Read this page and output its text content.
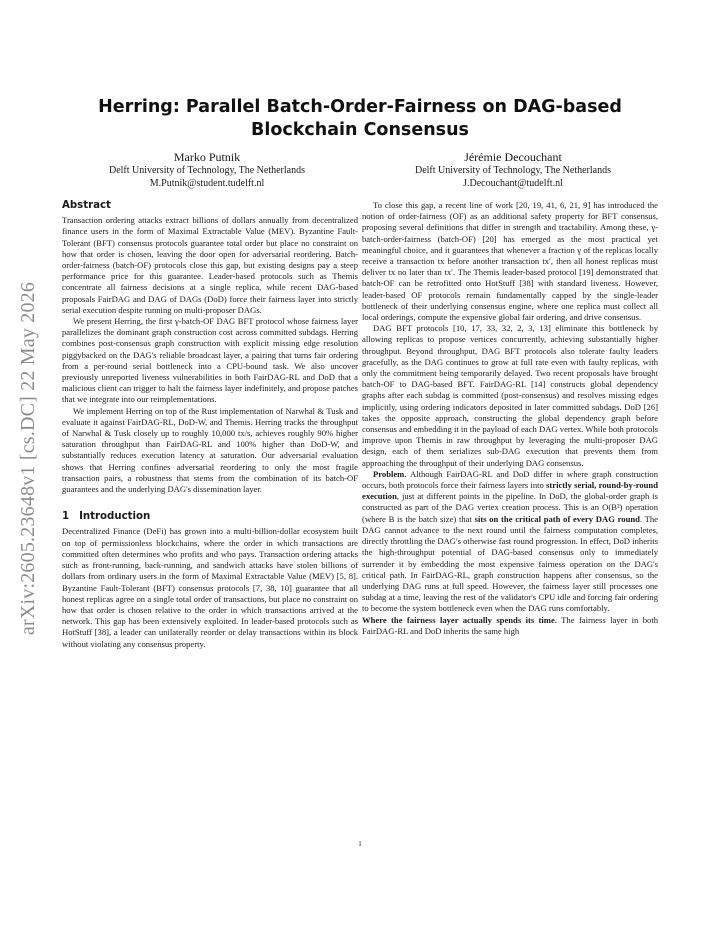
arXiv:2605.23648v1 [cs.DC] 22 May 2026
Herring: Parallel Batch-Order-Fairness on DAG-based Blockchain Consensus
Marko Putnik
Delft University of Technology, The Netherlands
M.Putnik@student.tudelft.nl
Jérémie Decouchant
Delft University of Technology, The Netherlands
J.Decouchant@tudelft.nl
Abstract

Transaction ordering attacks extract billions of dollars annually from decentralized finance users in the form of Maximal Extractable Value (MEV). Byzantine Fault-Tolerant (BFT) consensus protocols guarantee total order but place no constraint on how that order is chosen, leaving the door open for adversarial reordering. Batch-order-fairness (batch-OF) protocols close this gap, but existing designs pay a steep performance price for this guarantee. Leader-based protocols such as Themis concentrate all fairness decisions at a single replica, while recent DAG-based proposals FairDAG and DAG of DAGs (DoD) force their fairness layer into strictly serial execution despite running on multi-proposer DAGs.

We present Herring, the first γ-batch-OF DAG BFT protocol whose fairness layer parallelizes the dominant graph construction cost across committed subdags. Herring combines post-consensus graph construction with explicit missing edge resolution piggybacked on the DAG's reliable broadcast layer, a pairing that turns fair ordering from a per-round serial bottleneck into a CPU-bound task. We also uncover previously unreported liveness vulnerabilities in both FairDAG-RL and DoD that a malicious client can trigger to halt the fairness layer indefinitely, and propose patches that we integrate into our reimplementations.

We implement Herring on top of the Rust implementation of Narwhal & Tusk and evaluate it against FairDAG-RL, DoD-W, and Themis. Herring tracks the throughput of Narwhal & Tusk closely up to roughly 10,000 tx/s, achieves roughly 90% higher saturation throughput than FairDAG-RL and 100% higher than DoD-W, and substantially reduces execution latency at saturation. Our adversarial evaluation shows that Herring confines adversarial reordering to only the most fragile transaction pairs, a robustness that stems from the combination of its batch-OF guarantees and the underlying DAG's dissemination layer.

1 Introduction

Decentralized Finance (DeFi) has grown into a multi-billion-dollar ecosystem built on top of permissionless blockchains, where the order in which transactions are committed often determines who profits and who pays. Transaction ordering attacks such as front-running, back-running, and sandwich attacks have stolen billions of dollars from ordinary users in the form of Maximal Extractable Value (MEV) [5, 8]. Byzantine Fault-Tolerant (BFT) consensus protocols [7, 38, 10] guarantee that all honest replicas agree on a single total order of transactions, but place no constraint on how that order is chosen relative to the order in which transactions arrived at the network. This gap has been extensively exploited. In leader-based protocols such as HotStuff [38], a leader can unilaterally reorder or delay transactions within its block without violating any consensus property.

To close this gap, a recent line of work [20, 19, 41, 6, 21, 9] has introduced the notion of order-fairness (OF) as an additional safety property for BFT consensus, proposing several definitions that differ in strength and tractability. Among these, γ-batch-order-fairness (batch-OF) [20] has emerged as the most practical yet meaningful choice, and it guarantees that whenever a fraction γ of the replicas locally receive a transaction tx before another transaction tx′, then all honest replicas must deliver tx no later than tx′. The Themis leader-based protocol [19] demonstrated that batch-OF can be retrofitted onto HotStuff [38] with standard liveness. However, leader-based OF protocols remain fundamentally capped by the single-leader bottleneck of their underlying consensus engine, where one replica must collect all local orderings, compute the expensive global fair ordering, and drive consensus.

DAG BFT protocols [10, 17, 33, 32, 2, 3, 13] eliminate this bottleneck by allowing replicas to propose vertices concurrently, achieving substantially higher throughput. Beyond throughput, DAG BFT protocols also tolerate faulty leaders gracefully, as the DAG continues to grow at full rate even with faulty replicas, with only the commitment being temporarily delayed. Two recent proposals have brought batch-OF to DAG-based BFT. FairDAG-RL [14] constructs global dependency graphs after each subdag is committed (post-consensus) and resolves missing edges implicitly, using ordering indicators deposited in later committed subdags. DoD [26] takes the opposite approach, constructing the global dependency graph before consensus and embedding it in the payload of each DAG vertex. While both protocols improve upon Themis in raw throughput by leveraging the multi-proposer DAG design, each of them serializes sub-DAG execution that prevents them from approaching the throughput of their underlying DAG consensus.

Problem. Although FairDAG-RL and DoD differ in where graph construction occurs, both protocols force their fairness layers into strictly serial, round-by-round execution, just at different points in the pipeline. In DoD, the global-order graph is constructed as part of the DAG vertex creation process. This is an O(B²) operation (where B is the batch size) that sits on the critical path of every DAG round. The DAG cannot advance to the next round until the fairness computation completes, directly throttling the DAG's otherwise fast round progression. In effect, DoD inherits the high-throughput potential of DAG-based consensus only to immediately surrender it by embedding the most expensive fairness operation on the DAG's critical path. In FairDAG-RL, graph construction happens after consensus, so the underlying DAG runs at full speed. However, the fairness layer still processes one subdag at a time, leaving the rest of the validator's CPU idle and forcing fair ordering to become the system bottleneck even when the DAG runs comfortably.

Where the fairness layer actually spends its time. The fairness layer in both FairDAG-RL and DoD inherits the same high

1
